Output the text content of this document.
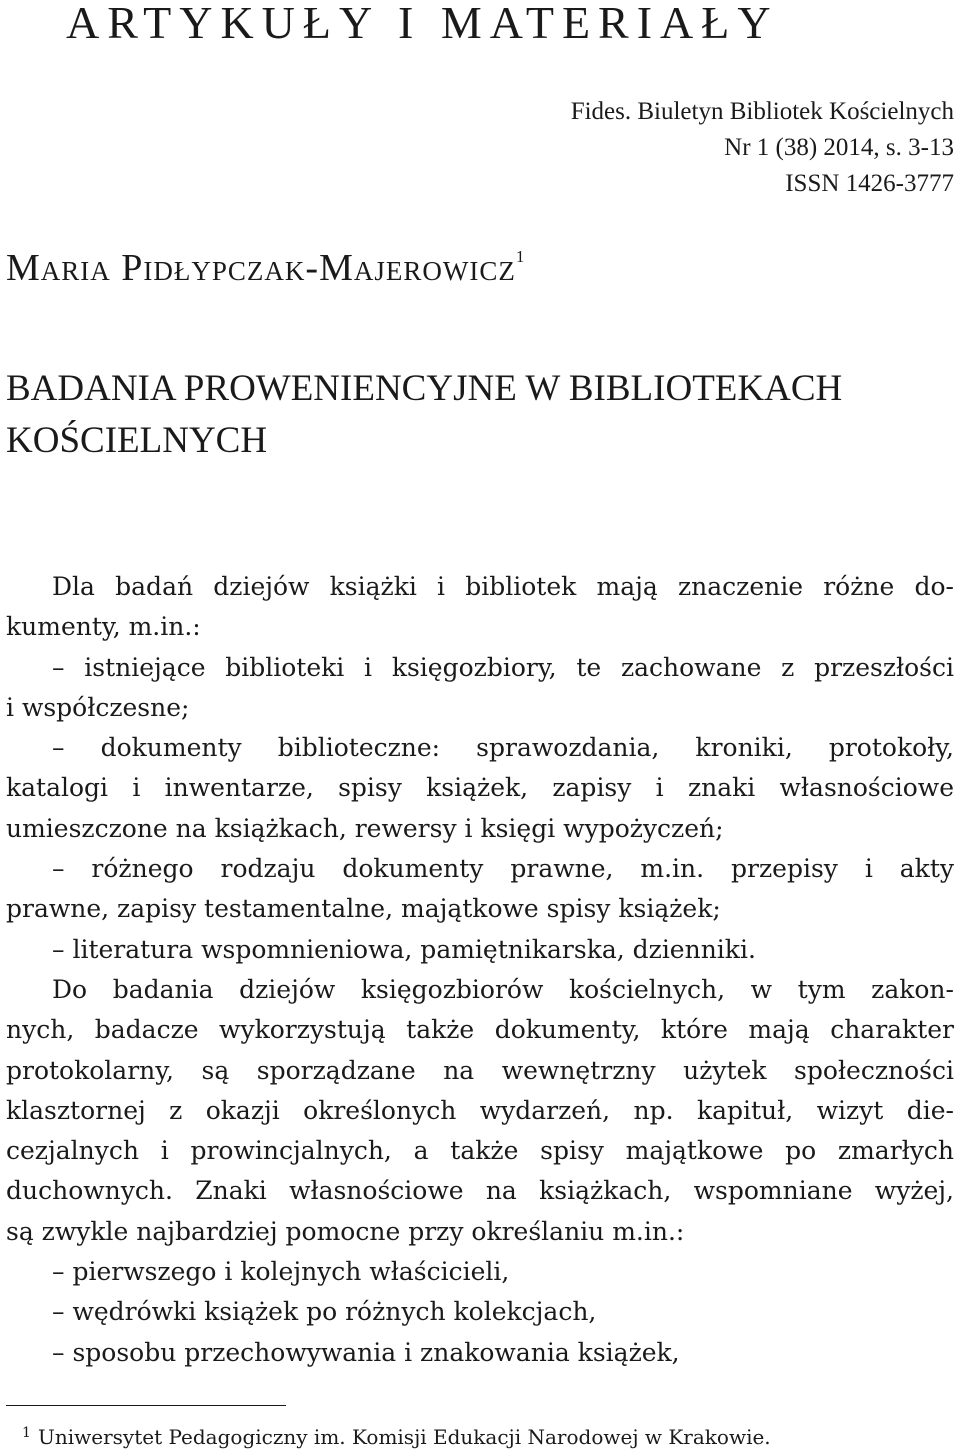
ARTYKUŁY I MATERIAŁY
Fides. Biuletyn Bibliotek Kościelnych
Nr 1 (38) 2014, s. 3-13
ISSN 1426-3777
Maria Pidłypczak-Majerowicz$^1$
BADANIA PROWENIENCYJNE W BIBLIOTEKACH
KOŚCIELNYCH

Dla badań dziejów książki i bibliotek mają znaczenie różne do-

kumenty, m.in.:

– istniejące biblioteki i księgozbiory, te zachowane z przeszłości

i współczesne;

– dokumenty biblioteczne: sprawozdania, kroniki, protokoły,

katalogi i inwentarze, spisy książek, zapisy i znaki własnościowe

umieszczone na książkach, rewersy i księgi wypożyczeń;

– różnego rodzaju dokumenty prawne, m.in. przepisy i akty

prawne, zapisy testamentalne, majątkowe spisy książek;

– literatura wspomnieniowa, pamiętnikarska, dzienniki.

Do badania dziejów księgozbiorów kościelnych, w tym zakon-

nych, badacze wykorzystują także dokumenty, które mają charakter

protokolarny, są sporządzane na wewnętrzny użytek społeczności

klasztornej z okazji określonych wydarzeń, np. kapituł, wizyt die-

cezjalnych i prowincjalnych, a także spisy majątkowe po zmarłych

duchownych. Znaki własnościowe na książkach, wspomniane wyżej,

są zwykle najbardziej pomocne przy określaniu m.in.:

– pierwszego i kolejnych właścicieli,

– wędrówki książek po różnych kolekcjach,

– sposobu przechowywania i znakowania książek,

1 Uniwersytet Pedagogiczny im. Komisji Edukacji Narodowej w Krakowie.
